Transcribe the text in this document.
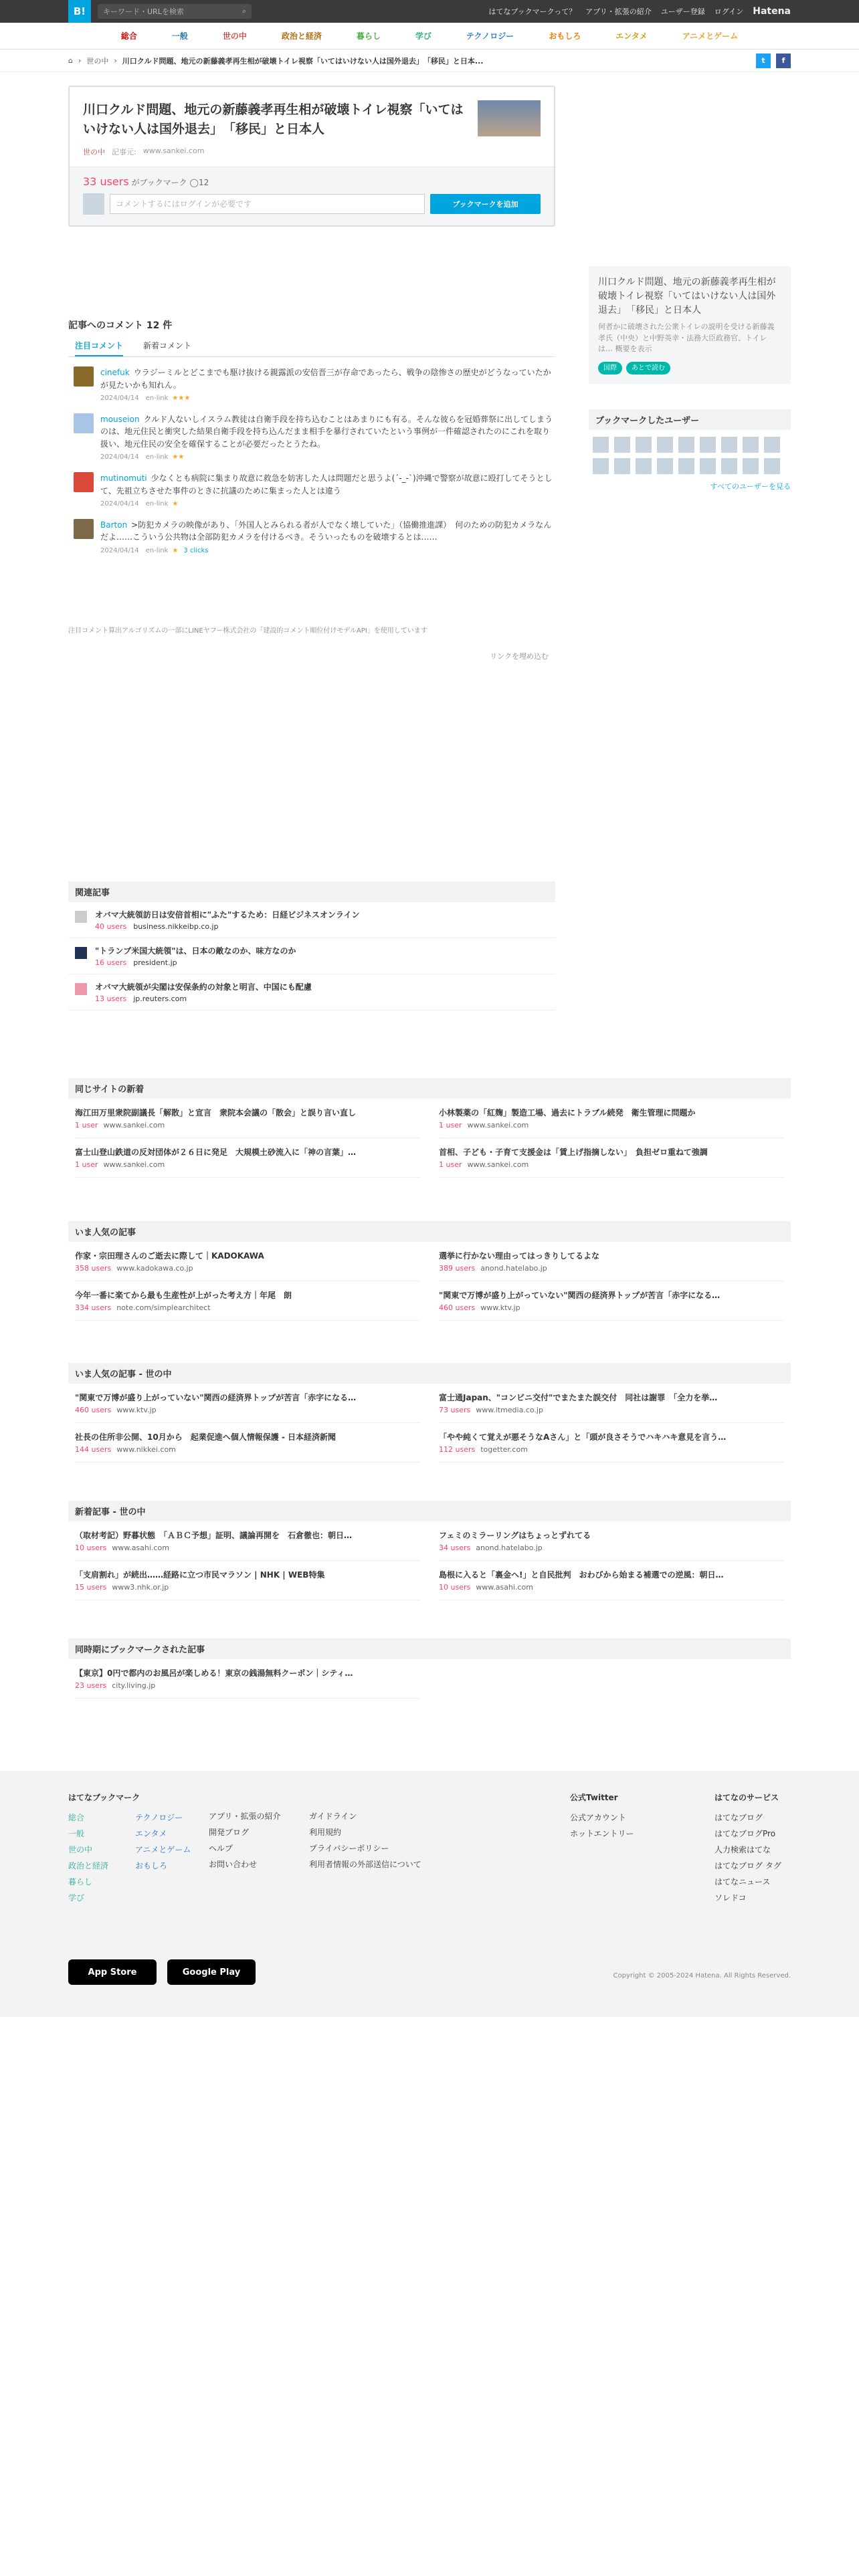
B!	キーワード・URLを検索	⌕	はてなブックマークって？ アプリ・拡張の紹介 ユーザー登録 ログイン Hatena
総合	一般	世の中	政治と経済	暮らし	学び	テクノロジー	おもしろ	エンタメ	アニメとゲーム
⌂ › 世の中 › 川口クルド問題、地元の新藤義孝再生相が破壊トイレ視察「いてはいけない人は国外退去」　「移民」と日本...	t	f
川口クルド問題、地元の新藤義孝再生相が破壊トイレ視察「いてはいけない人は国外退去」　「移民」と日本人
世の中 記事元: www.sankei.com
33 users がブックマーク ◯12
コメントするにはログインが必要です	ブックマークを追加
記事へのコメント 12 件
注目コメント	新着コメント
cinefuk ウラジーミルとどこまでも駆け抜ける親露派の安倍晋三が存命であったら、戦争の陰惨さの歴史がどうなっていたかが見たいかも知れん。
2024/04/14　en-link ★★★
mouseion クルド人ないしイスラム教徒は自衛手段を持ち込むことはあまりにも有る。そんな彼らを冠婚葬祭に出してしまうのは、地元住民と衝突した結果自衛手段を持ち込んだまま相手を暴行されていたという事例が一件確認されたのにこれを取り扱い、地元住民の安全を確保することが必要だったとうたね。
2024/04/14　en-link ★★
mutinomuti 少なくとも病院に集まり故意に救急を妨害した人は問題だと思うよ(´-_-`)沖縄で警察が故意に殴打してそうとして、先祖立ちさせた事件のときに抗議のために集まった人とは違う
2024/04/14　en-link ★
Barton >防犯カメラの映像があり、「外国人とみられる者が人でなく壊していた」（協働推進課）　何のための防犯カメラなんだよ……こういう公共物は全部防犯カメラを付けるべき。そういったものを破壊するとは……
2024/04/14　en-link ★ 3 clicks
注目コメント算出アルゴリズムの一部にLINEヤフー株式会社の「建設的コメント順位付けモデルAPI」を使用しています
リンクを埋め込む
関連記事
オバマ大統領訪日は安倍首相に"ふた"するため：日経ビジネスオンライン
40 users business.nikkeibp.co.jp
"トランプ米国大統領"は、日本の敵なのか、味方なのか
16 users president.jp
オバマ大統領が尖閣は安保条約の対象と明言、中国にも配慮
13 users jp.reuters.com
川口クルド問題、地元の新藤義孝再生相が破壊トイレ視察「いてはいけない人は国外退去」　「移民」と日本人
何者かに破壊された公衆トイレの説明を受ける新藤義孝氏（中央）と中野英幸・法務大臣政務官、トイレは… 概要を表示
国際	あとで読む
ブックマークしたユーザー
すべてのユーザーを見る
同じサイトの新着
海江田万里衆院副議長「解散」と宣言　衆院本会議の「散会」と誤り言い直し
1 user www.sankei.com
小林製薬の「紅麹」製造工場、過去にトラブル続発　衛生管理に問題か
1 user www.sankei.com
富士山登山鉄道の反対団体が２６日に発足　大規模土砂流入に「神の言葉」…
1 user www.sankei.com
首相、子ども・子育て支援金は「賃上げ指摘しない」　負担ゼロ重ねて強調
1 user www.sankei.com
いま人気の記事
作家・宗田理さんのご逝去に際して｜KADOKAWA
358 users www.kadokawa.co.jp
選挙に行かない理由ってはっきりしてるよな
389 users anond.hatelabo.jp
今年一番に楽てから最も生産性が上がった考え方｜年尾　朗
334 users note.com/simplearchitect
"関東で万博が盛り上がっていない"関西の経済界トップが苦言「赤字になる…
460 users www.ktv.jp
いま人気の記事 - 世の中
"関東で万博が盛り上がっていない"関西の経済界トップが苦言「赤字になる…
460 users www.ktv.jp
富士通Japan、"コンビニ交付"でまたまた誤交付　同社は謝罪　「全力を挙…
73 users www.itmedia.co.jp
社長の住所非公開、10月から　起業促進へ個人情報保護 - 日本経済新聞
144 users www.nikkei.com
「やや純くて覚えが悪そうなAさん」と「頭が良さそうでハキハキ意見を言う…
112 users togetter.com
新着記事 - 世の中
（取材考記）野暮状態　「ＡＢＣ予想」証明、議論再開を　石倉徹也：朝日…
10 users www.asahi.com
フェミのミラーリングはちょっとずれてる
34 users anond.hatelabo.jp
「支肩割れ」が続出……経路に立つ市民マラソン | NHK | WEB特集
15 users www3.nhk.or.jp
島根に入ると「裏金へ!」と自民批判　おわびから始まる補選での逆風：朝日…
10 users www.asahi.com
同時期にブックマークされた記事
【東京】0円で都内のお風呂が楽しめる！東京の銭湯無料クーポン｜シティ…
23 users city.living.jp
はてなブックマーク
総合
一般
世の中
政治と経済
暮らし
学び
テクノロジー
エンタメ
アニメとゲーム
おもしろ
アプリ・拡張の紹介
開発ブログ
ヘルプ
お問い合わせ
ガイドライン
利用規約
プライバシーポリシー
利用者情報の外部送信について
公式Twitter
公式アカウント
ホットエントリー
はてなのサービス
はてなブログ
はてなブログPro
人力検索はてな
はてなブログ タグ
はてなニュース
ソレドコ
App Store	Google Play	Copyright © 2005-2024 Hatena. All Rights Reserved.
